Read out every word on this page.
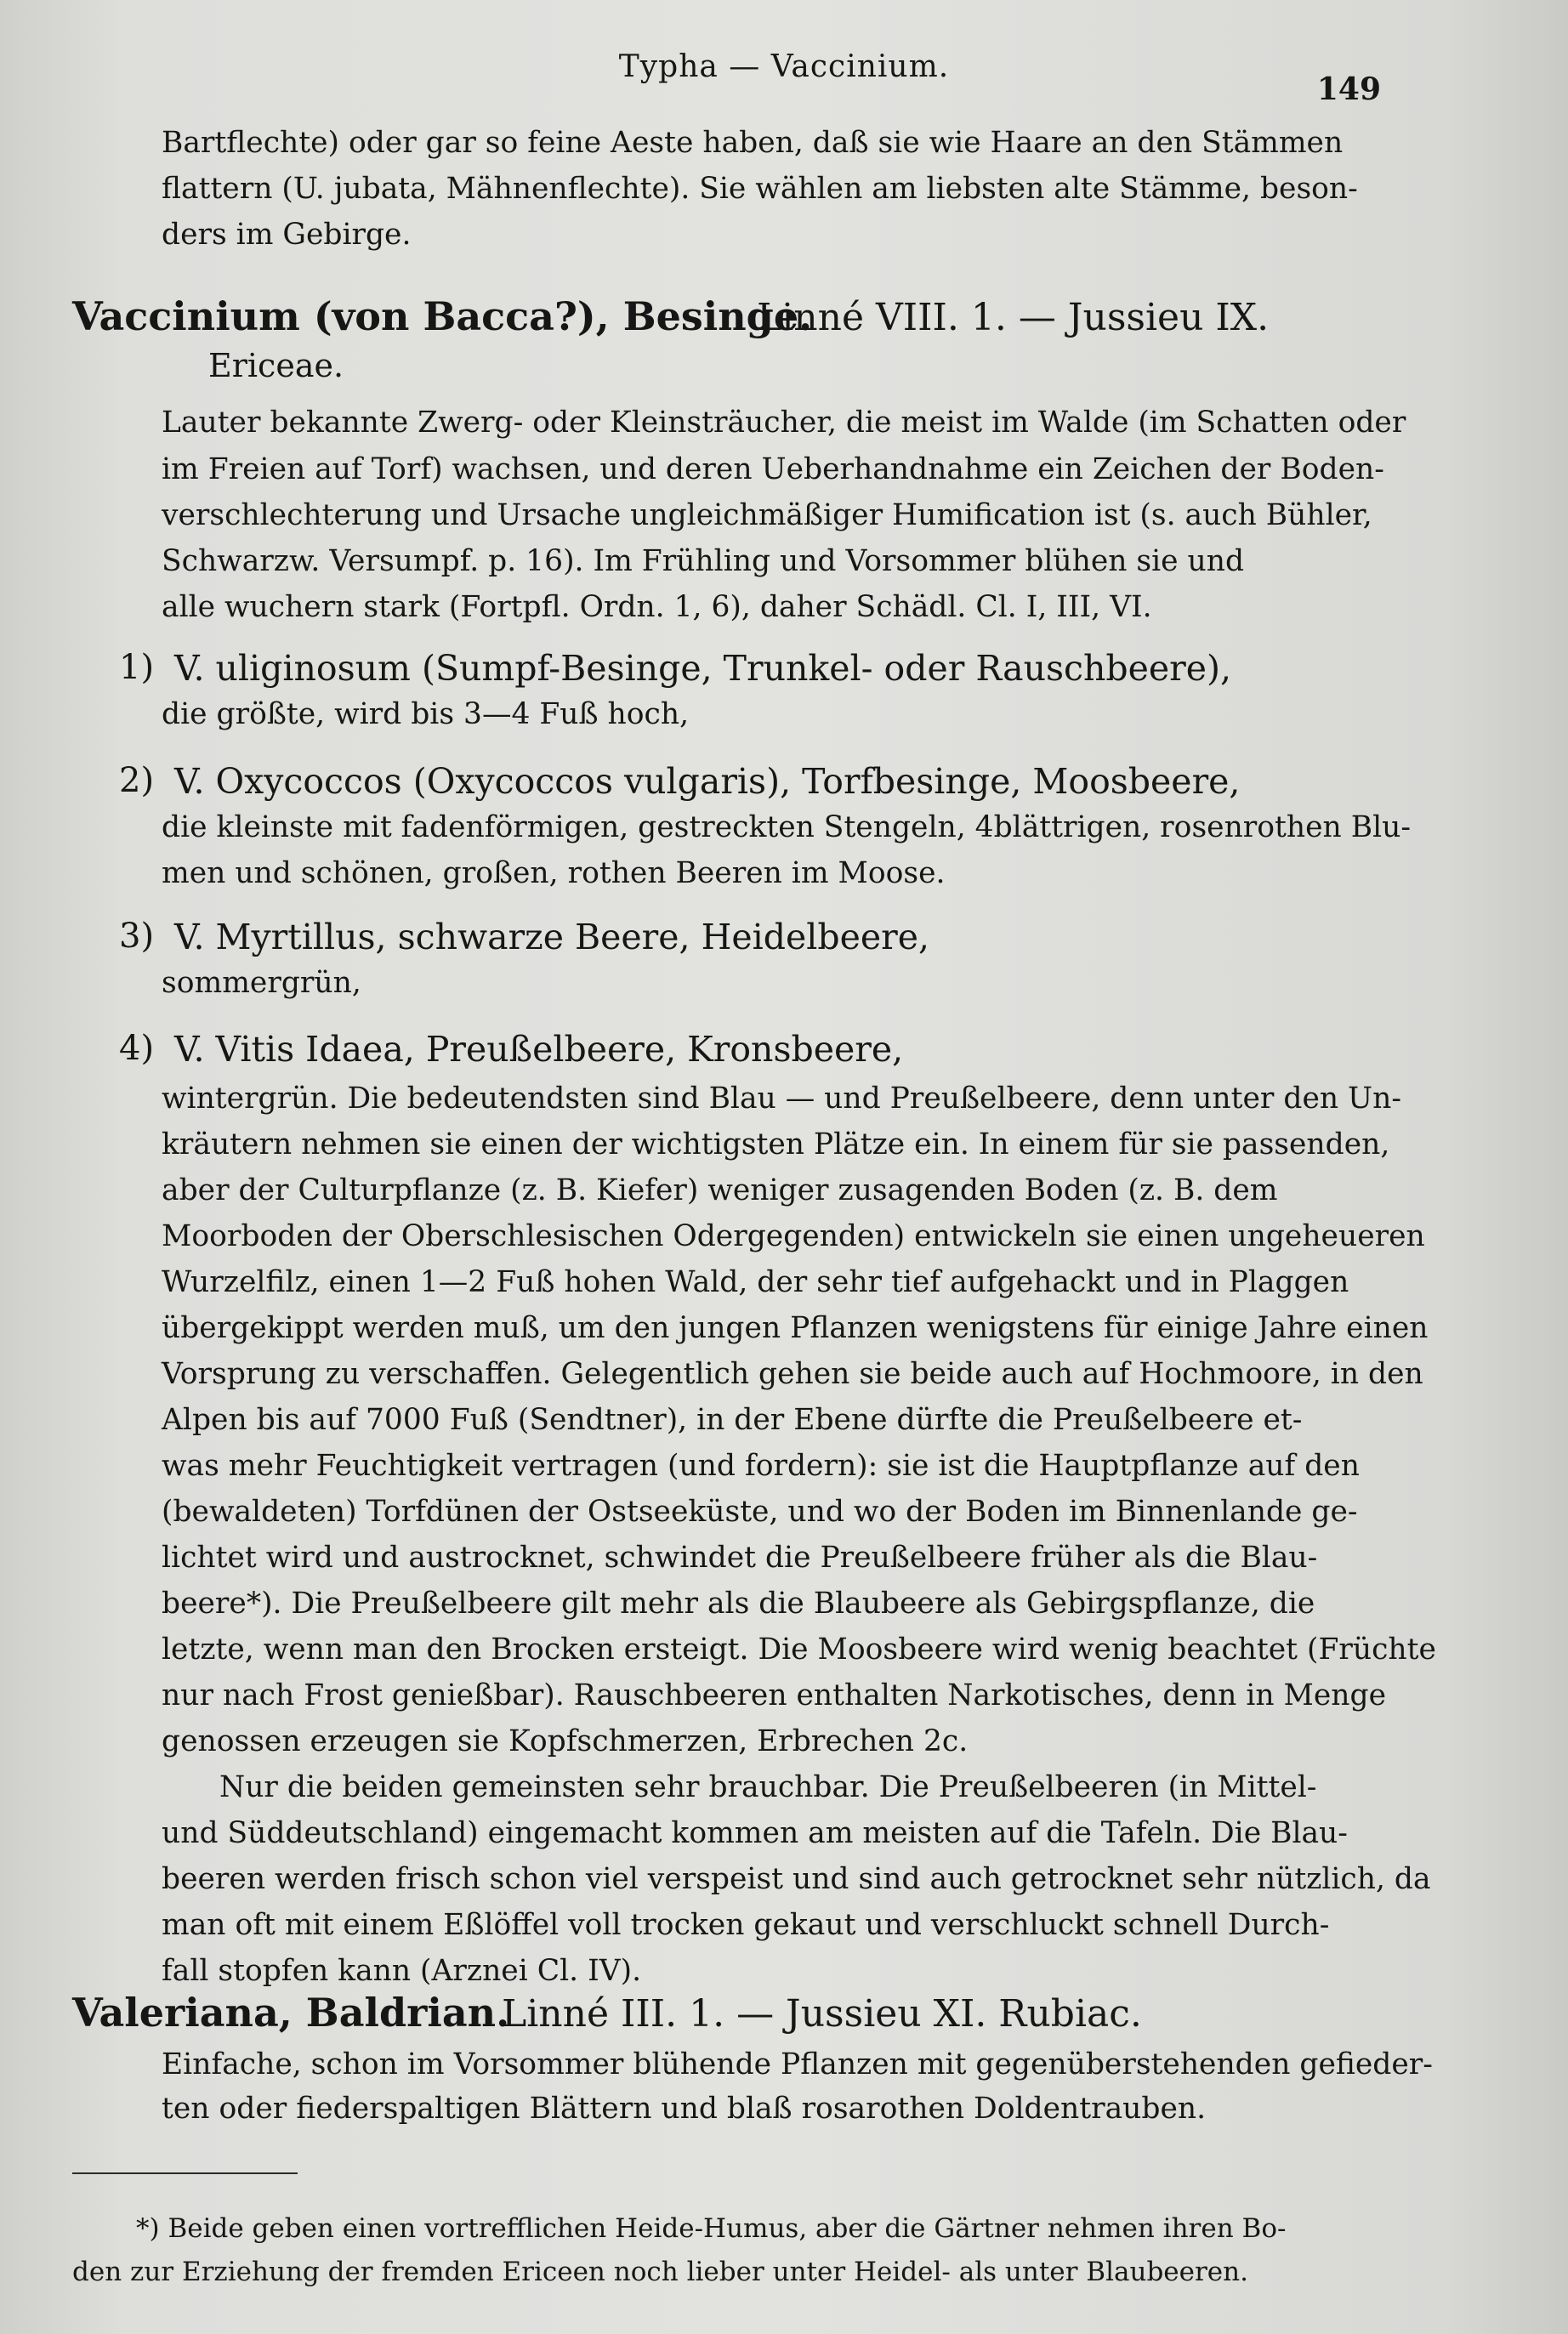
Typha — Vaccinium.
149
Bartflechte) oder gar so feine Aeste haben, daß sie wie Haare an den Stämmen
flattern (U. jubata, Mähnenflechte). Sie wählen am liebsten alte Stämme, beson-
ders im Gebirge.
Vaccinium (von Bacca?), Besinge.
Linné VIII. 1. — Jussieu IX.
Ericeae.
Lauter bekannte Zwerg- oder Kleinsträucher, die meist im Walde (im Schatten oder
im Freien auf Torf) wachsen, und deren Ueberhandnahme ein Zeichen der Boden-
verschlechterung und Ursache ungleichmäßiger Humification ist (s. auch Bühler,
Schwarzw. Versumpf. p. 16). Im Frühling und Vorsommer blühen sie und
alle wuchern stark (Fortpfl. Ordn. 1, 6), daher Schädl. Cl. I, III, VI.
1) V. uliginosum (Sumpf-Besinge, Trunkel- oder Rauschbeere),
die größte, wird bis 3—4 Fuß hoch,
2) V. Oxycoccos (Oxycoccos vulgaris), Torfbesinge, Moosbeere,
die kleinste mit fadenförmigen, gestreckten Stengeln, 4blättrigen, rosenrothen Blu-
men und schönen, großen, rothen Beeren im Moose.
3) V. Myrtillus, schwarze Beere, Heidelbeere,
sommergrün,
4) V. Vitis Idaea, Preußelbeere, Kronsbeere,
wintergrün. Die bedeutendsten sind Blau — und Preußelbeere, denn unter den Un-
kräutern nehmen sie einen der wichtigsten Plätze ein. In einem für sie passenden,
aber der Culturpflanze (z. B. Kiefer) weniger zusagenden Boden (z. B. dem
Moorboden der Oberschlesischen Odergegenden) entwickeln sie einen ungeheueren
Wurzelfilz, einen 1—2 Fuß hohen Wald, der sehr tief aufgehackt und in Plaggen
übergekippt werden muß, um den jungen Pflanzen wenigstens für einige Jahre einen
Vorsprung zu verschaffen. Gelegentlich gehen sie beide auch auf Hochmoore, in den
Alpen bis auf 7000 Fuß (Sendtner), in der Ebene dürfte die Preußelbeere et-
was mehr Feuchtigkeit vertragen (und fordern): sie ist die Hauptpflanze auf den
(bewaldeten) Torfdünen der Ostseeküste, und wo der Boden im Binnenlande ge-
lichtet wird und austrocknet, schwindet die Preußelbeere früher als die Blau-
beere*). Die Preußelbeere gilt mehr als die Blaubeere als Gebirgspflanze, die
letzte, wenn man den Brocken ersteigt. Die Moosbeere wird wenig beachtet (Früchte
nur nach Frost genießbar). Rauschbeeren enthalten Narkotisches, denn in Menge
genossen erzeugen sie Kopfschmerzen, Erbrechen 2c.
Nur die beiden gemeinsten sehr brauchbar. Die Preußelbeeren (in Mittel-
und Süddeutschland) eingemacht kommen am meisten auf die Tafeln. Die Blau-
beeren werden frisch schon viel verspeist und sind auch getrocknet sehr nützlich, da
man oft mit einem Eßlöffel voll trocken gekaut und verschluckt schnell Durch-
fall stopfen kann (Arznei Cl. IV).
Valeriana, Baldrian.
Linné III. 1. — Jussieu XI. Rubiac.
Einfache, schon im Vorsommer blühende Pflanzen mit gegenüberstehenden gefieder-
ten oder fiederspaltigen Blättern und blaß rosarothen Doldentrauben.
*) Beide geben einen vortrefflichen Heide-Humus, aber die Gärtner nehmen ihren Bo-
den zur Erziehung der fremden Ericeen noch lieber unter Heidel- als unter Blaubeeren.
